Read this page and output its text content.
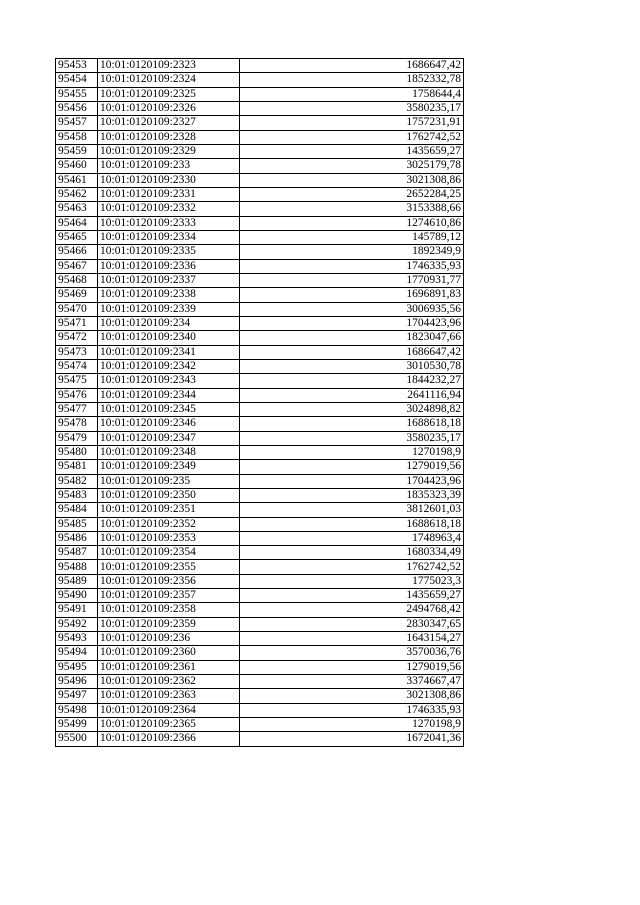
95453	10:01:0120109:2323	1686647,42
95454	10:01:0120109:2324	1852332,78
95455	10:01:0120109:2325	1758644,4
95456	10:01:0120109:2326	3580235,17
95457	10:01:0120109:2327	1757231,91
95458	10:01:0120109:2328	1762742,52
95459	10:01:0120109:2329	1435659,27
95460	10:01:0120109:233	3025179,78
95461	10:01:0120109:2330	3021308,86
95462	10:01:0120109:2331	2652284,25
95463	10:01:0120109:2332	3153388,66
95464	10:01:0120109:2333	1274610,86
95465	10:01:0120109:2334	145789,12
95466	10:01:0120109:2335	1892349,9
95467	10:01:0120109:2336	1746335,93
95468	10:01:0120109:2337	1770931,77
95469	10:01:0120109:2338	1696891,83
95470	10:01:0120109:2339	3006935,56
95471	10:01:0120109:234	1704423,96
95472	10:01:0120109:2340	1823047,66
95473	10:01:0120109:2341	1686647,42
95474	10:01:0120109:2342	3010530,78
95475	10:01:0120109:2343	1844232,27
95476	10:01:0120109:2344	2641116,94
95477	10:01:0120109:2345	3024898,82
95478	10:01:0120109:2346	1688618,18
95479	10:01:0120109:2347	3580235,17
95480	10:01:0120109:2348	1270198,9
95481	10:01:0120109:2349	1279019,56
95482	10:01:0120109:235	1704423,96
95483	10:01:0120109:2350	1835323,39
95484	10:01:0120109:2351	3812601,03
95485	10:01:0120109:2352	1688618,18
95486	10:01:0120109:2353	1748963,4
95487	10:01:0120109:2354	1680334,49
95488	10:01:0120109:2355	1762742,52
95489	10:01:0120109:2356	1775023,3
95490	10:01:0120109:2357	1435659,27
95491	10:01:0120109:2358	2494768,42
95492	10:01:0120109:2359	2830347,65
95493	10:01:0120109:236	1643154,27
95494	10:01:0120109:2360	3570036,76
95495	10:01:0120109:2361	1279019,56
95496	10:01:0120109:2362	3374667,47
95497	10:01:0120109:2363	3021308,86
95498	10:01:0120109:2364	1746335,93
95499	10:01:0120109:2365	1270198,9
95500	10:01:0120109:2366	1672041,36
